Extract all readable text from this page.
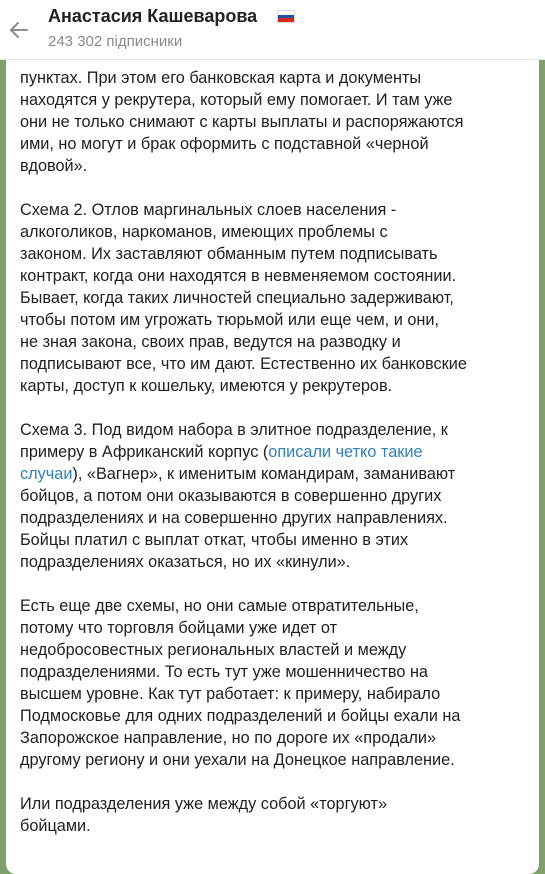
Анастасия Кашеварова
243 302 підписники
пунктах. При этом его банковская карта и документы
находятся у рекрутера, который ему помогает. И там уже
они не только снимают с карты выплаты и распоряжаются
ими, но могут и брак оформить с подставной «черной
вдовой».
Схема 2. Отлов маргинальных слоев населения -
алкоголиков, наркоманов, имеющих проблемы с
законом. Их заставляют обманным путем подписывать
контракт, когда они находятся в невменяемом состоянии.
Бывает, когда таких личностей специально задерживают,
чтобы потом им угрожать тюрьмой или еще чем, и они,
не зная закона, своих прав, ведутся на разводку и
подписывают все, что им дают. Естественно их банковские
карты, доступ к кошельку, имеются у рекрутеров.
Схема 3. Под видом набора в элитное подразделение, к
примеру в Африканский корпус (описали четко такие
случаи), «Вагнер», к именитым командирам, заманивают
бойцов, а потом они оказываются в совершенно других
подразделениях и на совершенно других направлениях.
Бойцы платил с выплат откат, чтобы именно в этих
подразделениях оказаться, но их «кинули».
Есть еще две схемы, но они самые отвратительные,
потому что торговля бойцами уже идет от
недобросовестных региональных властей и между
подразделениями. То есть тут уже мошенничество на
высшем уровне. Как тут работает: к примеру, набирало
Подмосковье для одних подразделений и бойцы ехали на
Запорожское направление, но по дороге их «продали»
другому региону и они уехали на Донецкое направление.
Или подразделения уже между собой «торгуют»
бойцами.
